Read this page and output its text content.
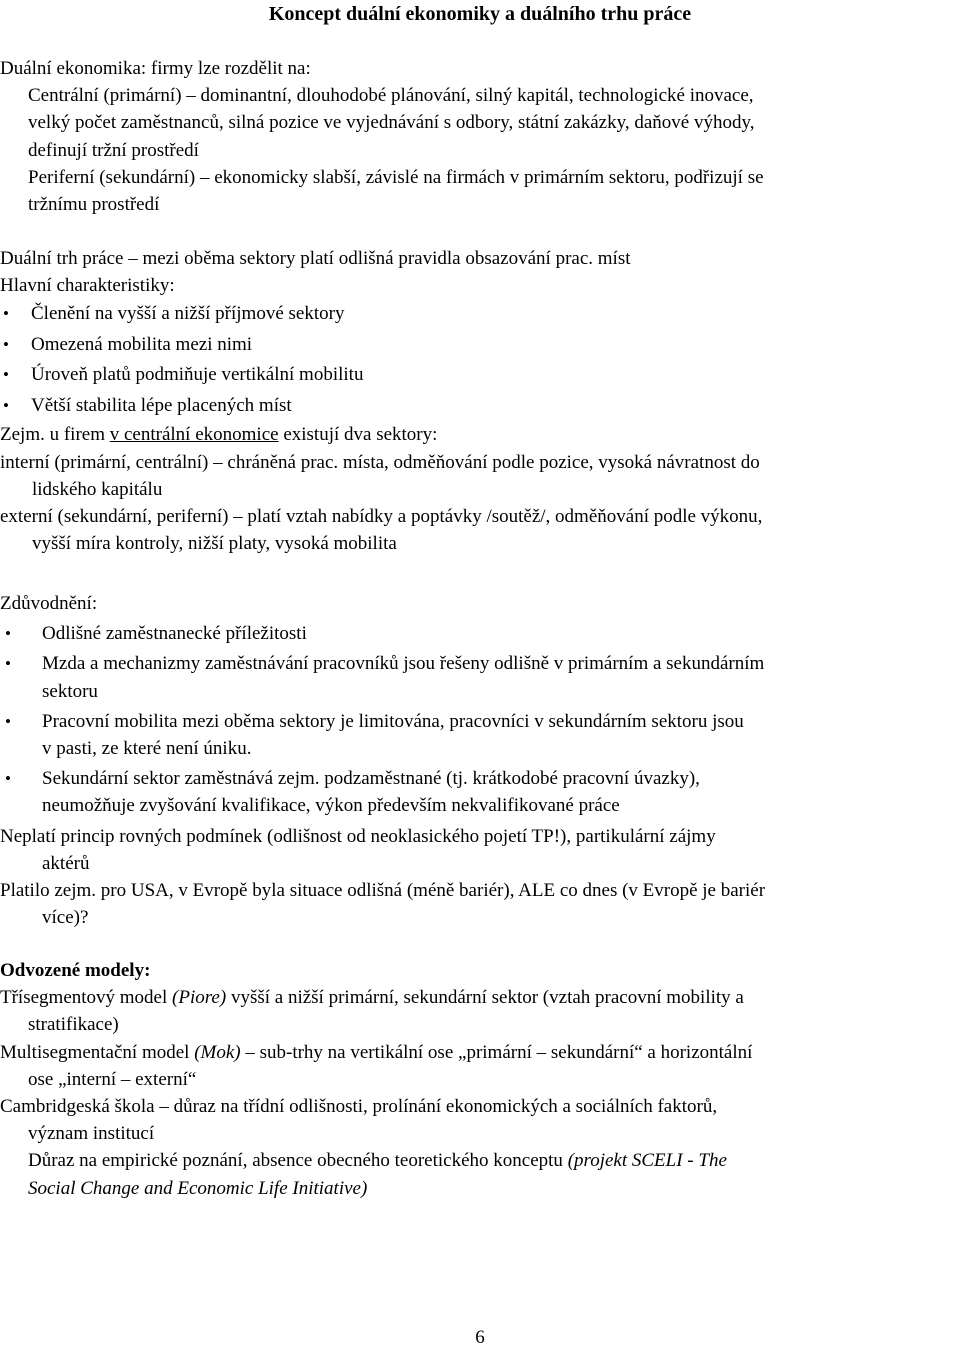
Koncept duální ekonomiky a duálního trhu práce
Duální ekonomika: firmy lze rozdělit na:
Centrální (primární) – dominantní, dlouhodobé plánování, silný kapitál, technologické inovace,
velký počet zaměstnanců, silná pozice ve vyjednávání s odbory, státní zakázky, daňové výhody,
definují tržní prostředí
Periferní (sekundární) – ekonomicky slabší, závislé na firmách v primárním sektoru, podřizují se
tržnímu prostředí
Duální trh práce – mezi oběma sektory platí odlišná pravidla obsazování prac. míst
Hlavní charakteristiky:
• Členění na vyšší a nižší příjmové sektory
• Omezená mobilita mezi nimi
• Úroveň platů podmiňuje vertikální mobilitu
• Větší stabilita lépe placených míst
Zejm. u firem v centrální ekonomice existují dva sektory:
interní (primární, centrální) – chráněná prac. místa, odměňování podle pozice, vysoká návratnost do
lidského kapitálu
externí (sekundární, periferní) – platí vztah nabídky a poptávky /soutěž/, odměňování podle výkonu,
vyšší míra kontroly, nižší platy, vysoká mobilita
Zdůvodnění:
• Odlišné zaměstnanecké příležitosti
• Mzda a mechanizmy zaměstnávání pracovníků jsou řešeny odlišně v primárním a sekundárním
sektoru
• Pracovní mobilita mezi oběma sektory je limitována, pracovníci v sekundárním sektoru jsou
v pasti, ze které není úniku.
• Sekundární sektor zaměstnává zejm. podzaměstnané (tj. krátkodobé pracovní úvazky),
neumožňuje zvyšování kvalifikace, výkon především nekvalifikované práce
Neplatí princip rovných podmínek (odlišnost od neoklasického pojetí TP!), partikulární zájmy
aktérů
Platilo zejm. pro USA, v Evropě byla situace odlišná (méně bariér), ALE co dnes (v Evropě je bariér
více)?
Odvozené modely:
Třísegmentový model (Piore) vyšší a nižší primární, sekundární sektor (vztah pracovní mobility a
stratifikace)
Multisegmentační model (Mok) – sub-trhy na vertikální ose „primární – sekundární“ a horizontální
ose „interní – externí“
Cambridgeská škola – důraz na třídní odlišnosti, prolínání ekonomických a sociálních faktorů,
význam institucí
Důraz na empirické poznání, absence obecného teoretického konceptu (projekt SCELI - The
Social Change and Economic Life Initiative)
6
